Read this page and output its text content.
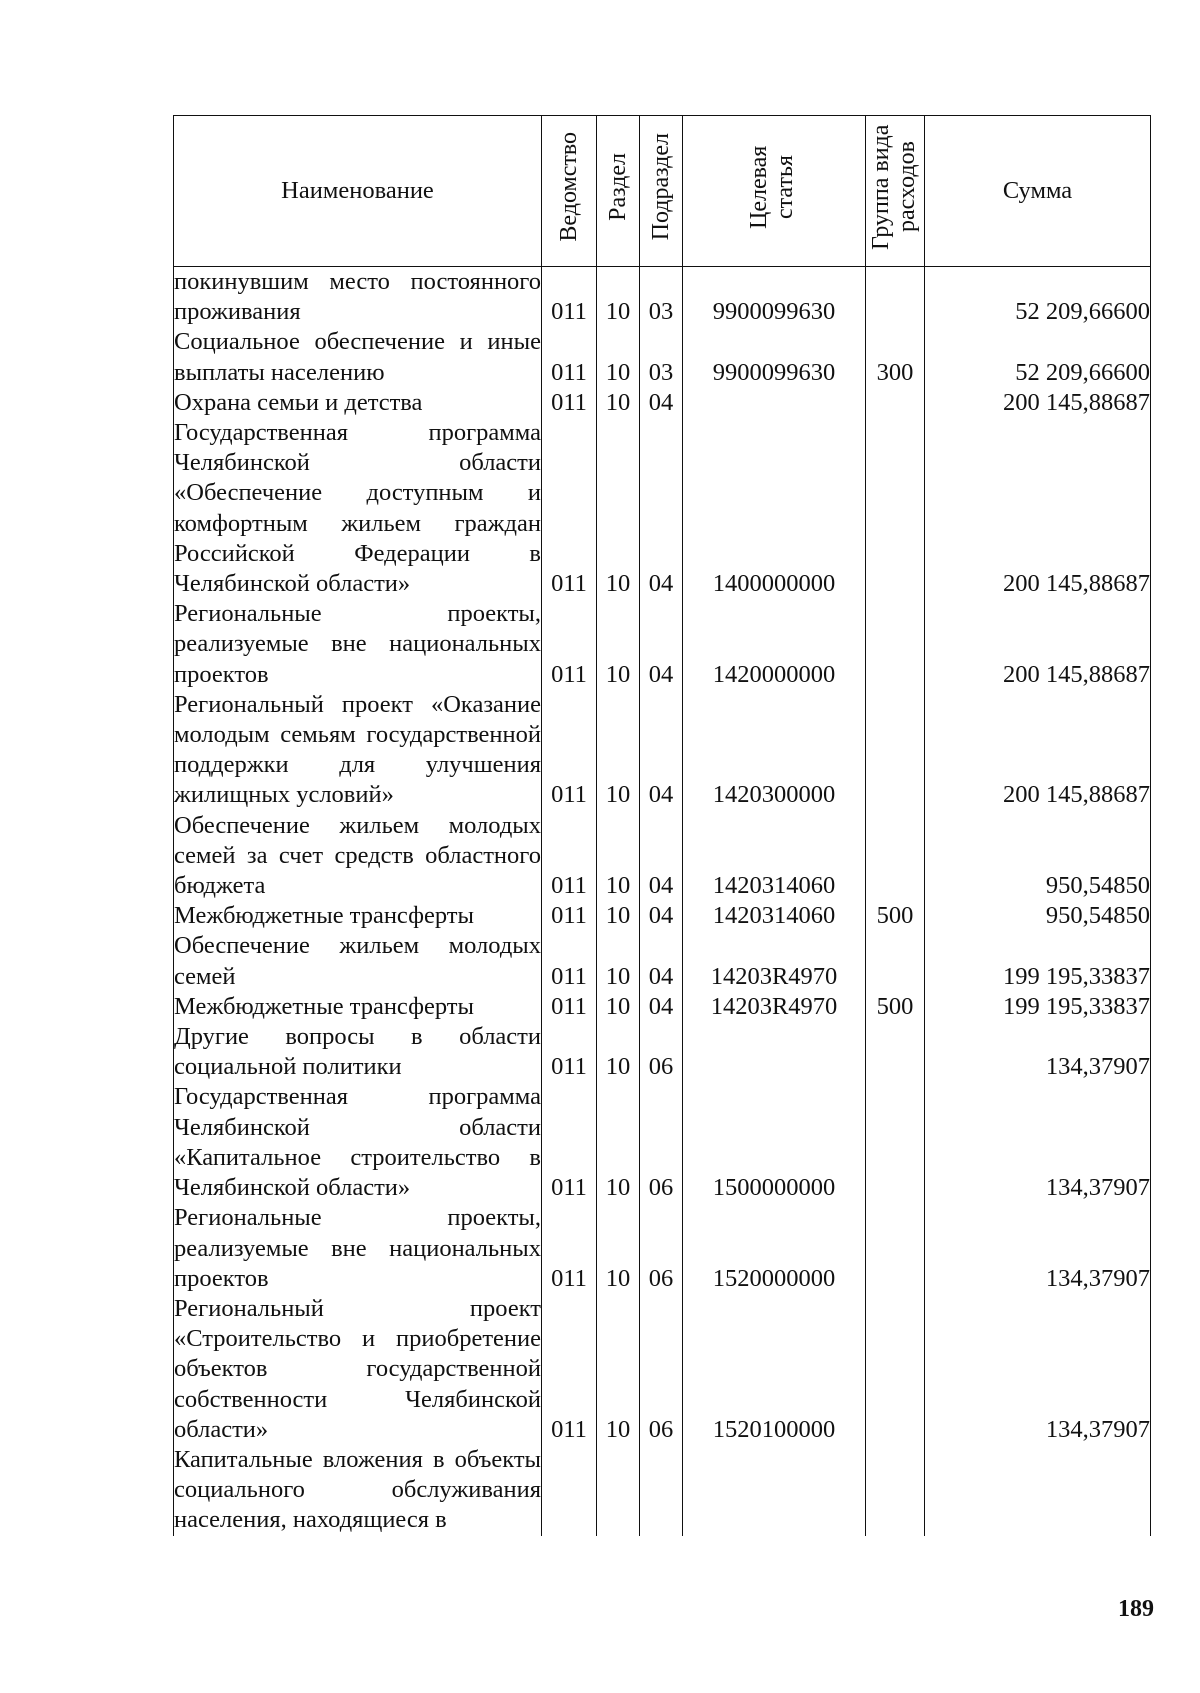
Наименование	Ведомство	Раздел	Подраздел	Целевая статья	Группа вида расходов	Сумма
покинувшим место постоянного проживания	011	10	03	9900099630		52 209,66600
Социальное обеспечение и иные выплаты населению	011	10	03	9900099630	300	52 209,66600
Охрана семьи и детства	011	10	04			200 145,88687
Государственная программа Челябинской области «Обеспечение доступным и комфортным жильем граждан Российской Федерации в Челябинской области»	011	10	04	1400000000		200 145,88687
Региональные проекты, реализуемые вне национальных проектов	011	10	04	1420000000		200 145,88687
Региональный проект «Оказание молодым семьям государственной поддержки для улучшения жилищных условий»	011	10	04	1420300000		200 145,88687
Обеспечение жильем молодых семей за счет средств областного бюджета	011	10	04	1420314060		950,54850
Межбюджетные трансферты	011	10	04	1420314060	500	950,54850
Обеспечение жильем молодых семей	011	10	04	14203R4970		199 195,33837
Межбюджетные трансферты	011	10	04	14203R4970	500	199 195,33837
Другие вопросы в области социальной политики	011	10	06			134,37907
Государственная программа Челябинской области «Капитальное строительство в Челябинской области»	011	10	06	1500000000		134,37907
Региональные проекты, реализуемые вне национальных проектов	011	10	06	1520000000		134,37907
Региональный проект «Строительство и приобретение объектов государственной собственности Челябинской области»	011	10	06	1520100000		134,37907
Капитальные вложения в объекты социального обслуживания населения, находящиеся в						
189
